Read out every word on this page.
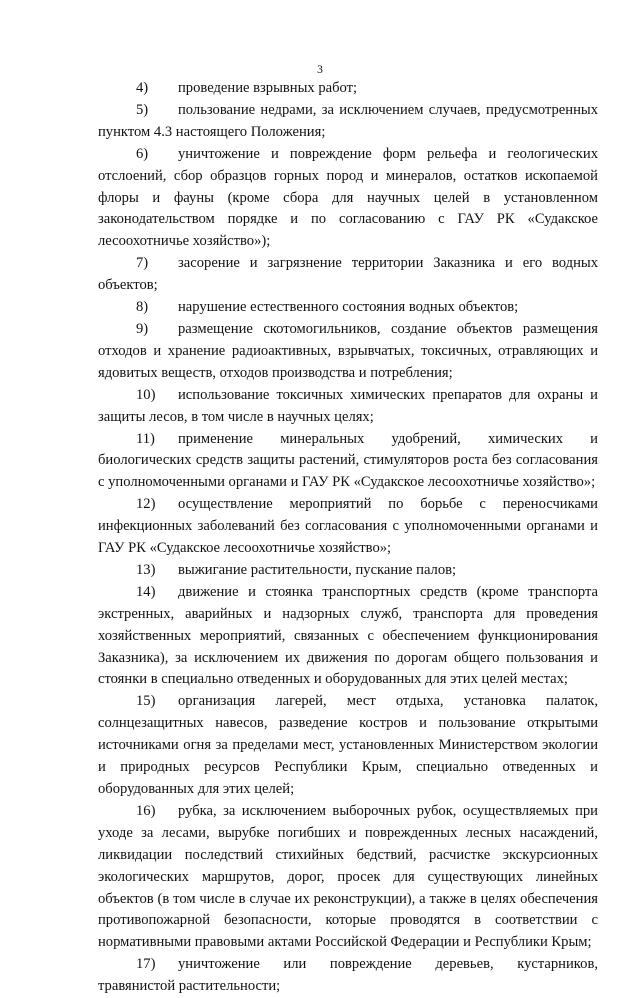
3

4) проведение взрывных работ;

5) пользование недрами, за исключением случаев, предусмотренных пунктом 4.3 настоящего Положения;

6) уничтожение и повреждение форм рельефа и геологических отслоений, сбор образцов горных пород и минералов, остатков ископаемой флоры и фауны (кроме сбора для научных целей в установленном законодательством порядке и по согласованию с ГАУ РК «Судакское лесоохотничье хозяйство»);

7) засорение и загрязнение территории Заказника и его водных объектов;

8) нарушение естественного состояния водных объектов;

9) размещение скотомогильников, создание объектов размещения отходов и хранение радиоактивных, взрывчатых, токсичных, отравляющих и ядовитых веществ, отходов производства и потребления;

10) использование токсичных химических препаратов для охраны и защиты лесов, в том числе в научных целях;

11) применение минеральных удобрений, химических и биологических средств защиты растений, стимуляторов роста без согласования с уполномоченными органами и ГАУ РК «Судакское лесоохотничье хозяйство»;

12) осуществление мероприятий по борьбе с переносчиками инфекционных заболеваний без согласования с уполномоченными органами и ГАУ РК «Судакское лесоохотничье хозяйство»;

13) выжигание растительности, пускание палов;

14) движение и стоянка транспортных средств (кроме транспорта экстренных, аварийных и надзорных служб, транспорта для проведения хозяйственных мероприятий, связанных с обеспечением функционирования Заказника), за исключением их движения по дорогам общего пользования и стоянки в специально отведенных и оборудованных для этих целей местах;

15) организация лагерей, мест отдыха, установка палаток, солнцезащитных навесов, разведение костров и пользование открытыми источниками огня за пределами мест, установленных Министерством экологии и природных ресурсов Республики Крым, специально отведенных и оборудованных для этих целей;

16) рубка, за исключением выборочных рубок, осуществляемых при уходе за лесами, вырубке погибших и поврежденных лесных насаждений, ликвидации последствий стихийных бедствий, расчистке экскурсионных экологических маршрутов, дорог, просек для существующих линейных объектов (в том числе в случае их реконструкции), а также в целях обеспечения противопожарной безопасности, которые проводятся в соответствии с нормативными правовыми актами Российской Федерации и Республики Крым;

17) уничтожение или повреждение деревьев, кустарников, травянистой растительности;
